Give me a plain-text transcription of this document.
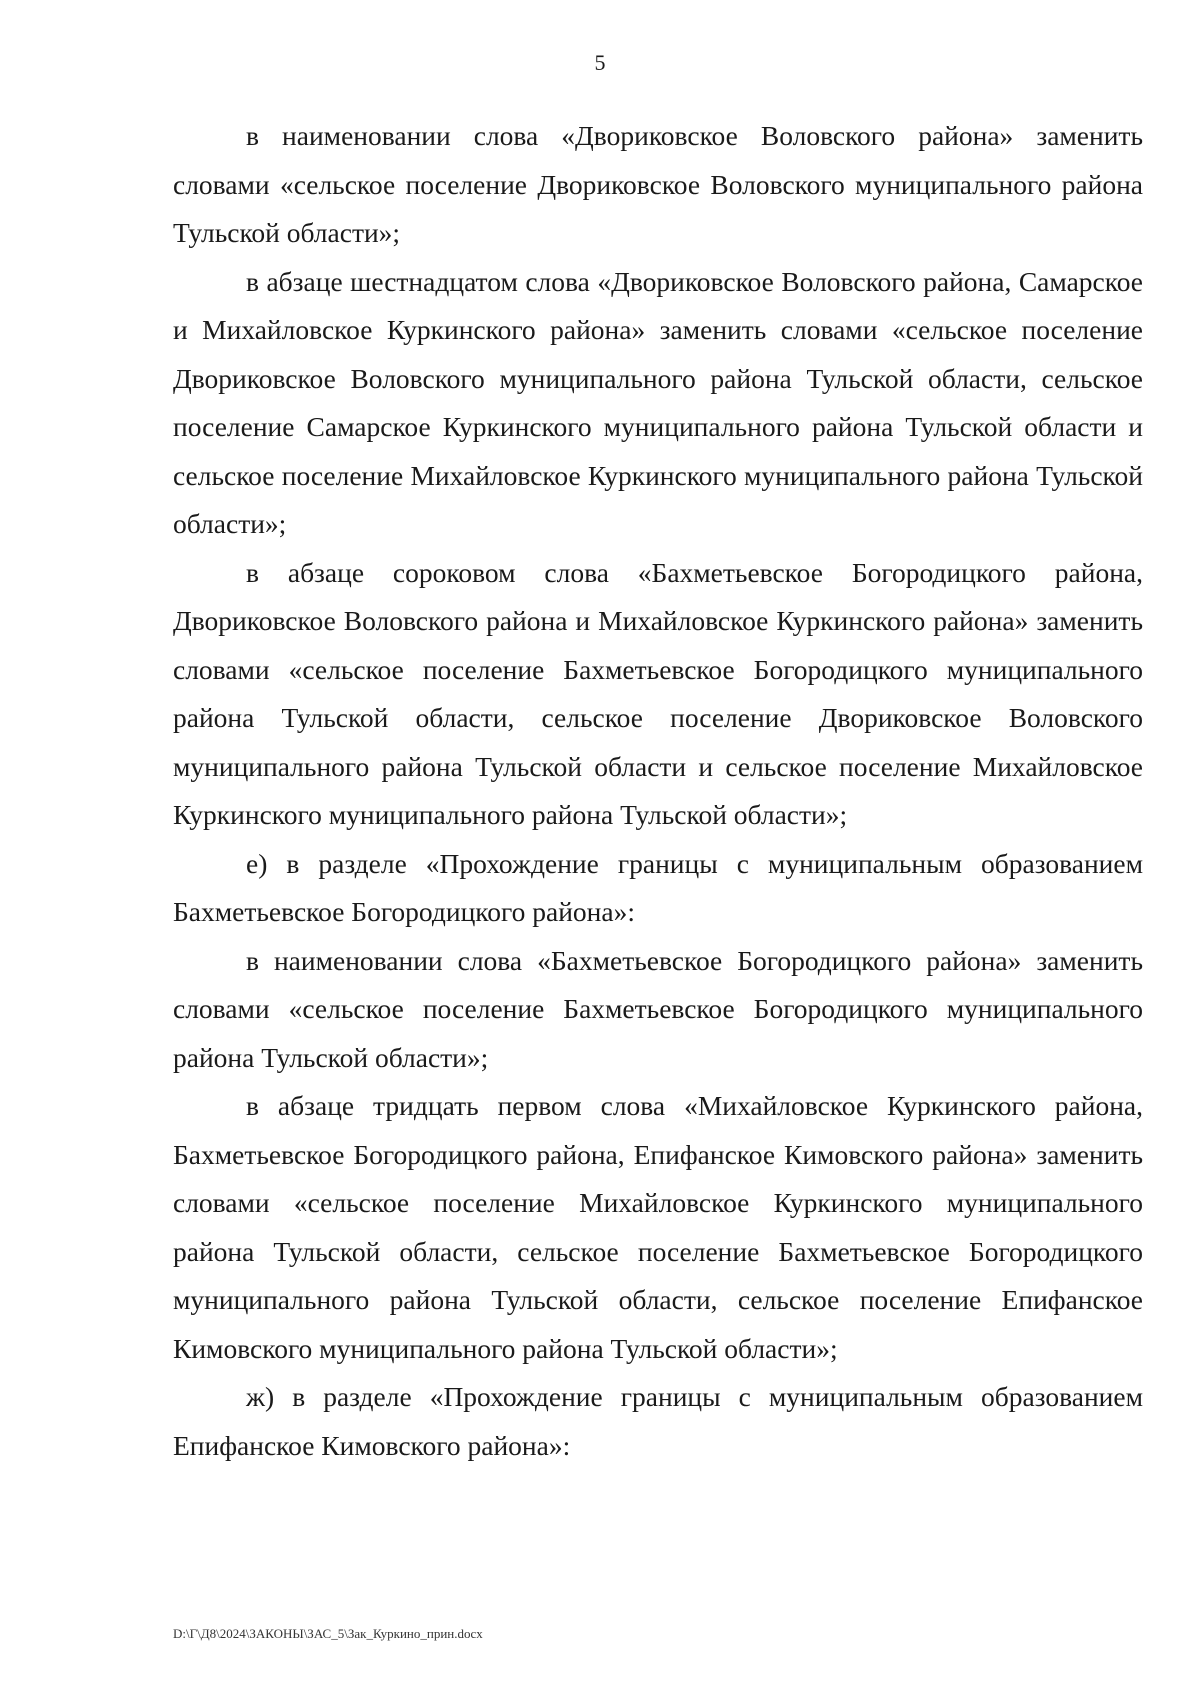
5

в наименовании слова «Двориковское Воловского района» заменить словами «сельское поселение Двориковское Воловского муниципального района Тульской области»;

в абзаце шестнадцатом слова «Двориковское Воловского района, Самарское и Михайловское Куркинского района» заменить словами «сельское поселение Двориковское Воловского муниципального района Тульской области, сельское поселение Самарское Куркинского муниципального района Тульской области и сельское поселение Михайловское Куркинского муниципального района Тульской области»;

в абзаце сороковом слова «Бахметьевское Богородицкого района, Двориковское Воловского района и Михайловское Куркинского района» заменить словами «сельское поселение Бахметьевское Богородицкого муниципального района Тульской области, сельское поселение Двориковское Воловского муниципального района Тульской области и сельское поселение Михайловское Куркинского муниципального района Тульской области»;

е) в разделе «Прохождение границы с муниципальным образованием Бахметьевское Богородицкого района»:

в наименовании слова «Бахметьевское Богородицкого района» заменить словами «сельское поселение Бахметьевское Богородицкого муниципального района Тульской области»;

в абзаце тридцать первом слова «Михайловское Куркинского района, Бахметьевское Богородицкого района, Епифанское Кимовского района» заменить словами «сельское поселение Михайловское Куркинского муниципального района Тульской области, сельское поселение Бахметьевское Богородицкого муниципального района Тульской области, сельское поселение Епифанское Кимовского муниципального района Тульской области»;

ж) в разделе «Прохождение границы с муниципальным образованием Епифанское Кимовского района»:

D:\Г\Д8\2024\ЗАКОНЫ\ЗАС_5\Зак_Куркино_прин.docx
